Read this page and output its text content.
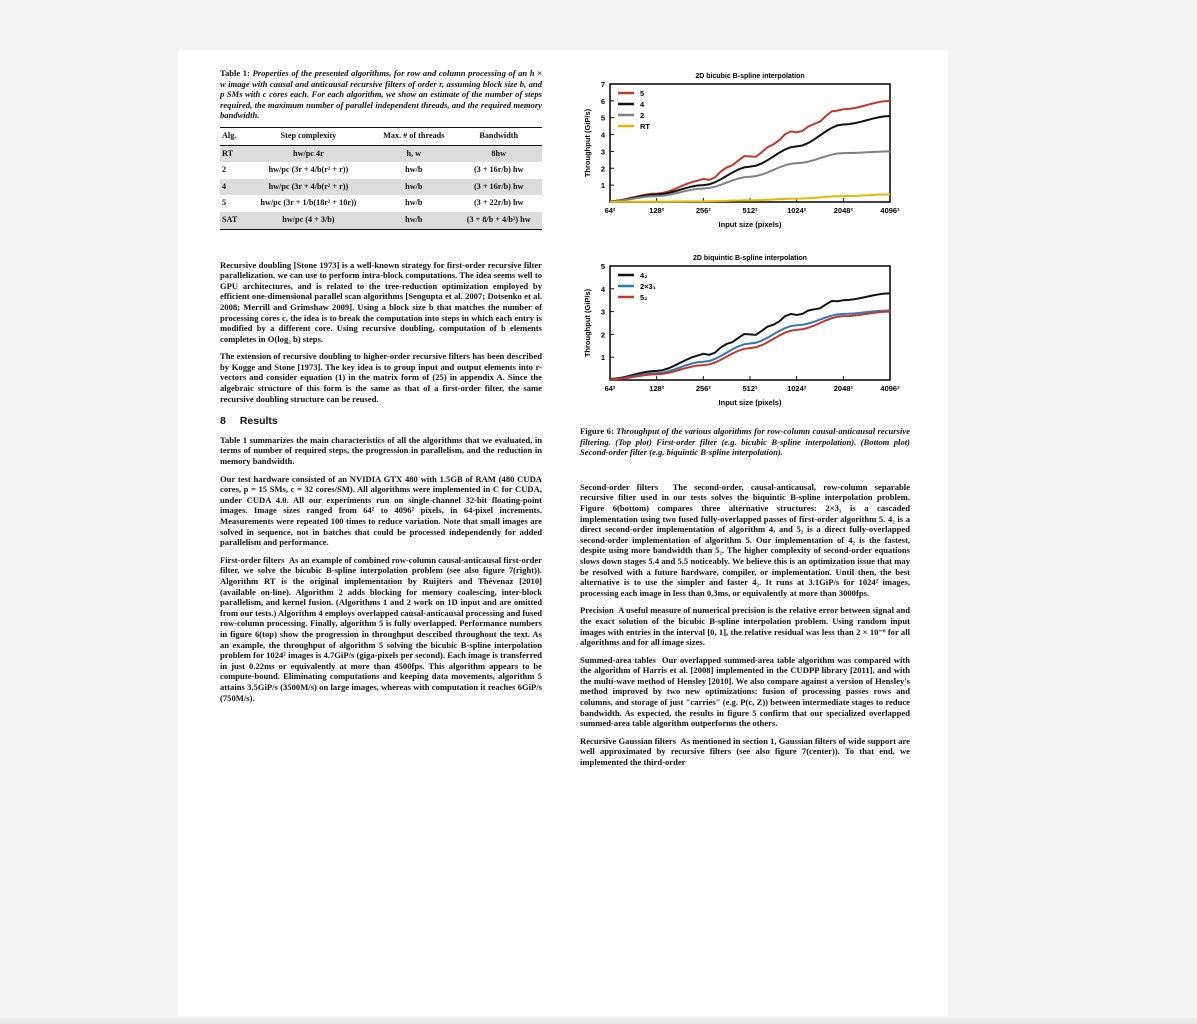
Table 1: Properties of the presented algorithms, for row and column processing of an h × w image with causal and anticausal recursive filters of order r, assuming block size b, and p SMs with c cores each. For each algorithm, we show an estimate of the number of steps required, the maximum number of parallel independent threads, and the required memory bandwidth.

Alg.	Step complexity	Max. # of threads	Bandwidth
RT	hw/pc 4r	h, w	8hw
2	hw/pc (3r + 4/b(r² + r))	hw/b	(3 + 16r/b) hw
4	hw/pc (3r + 4/b(r² + r))	hw/b	(3 + 16r/b) hw
5	hw/pc (3r + 1/b(18r² + 10r))	hw/b	(3 + 22r/b) hw
SAT	hw/pc (4 + 3/b)	hw/b	(3 + 8/b + 4/b²) hw

Recursive doubling [Stone 1973] is a well-known strategy for first-order recursive filter parallelization. we can use to perform intra-block computations. The idea seems well to GPU architectures, and is related to the tree-reduction optimization employed by efficient one-dimensional parallel scan algorithms [Sengupta et al. 2007; Dotsenko et al. 2008; Merrill and Grimshaw 2009]. Using a block size b that matches the number of processing cores c, the idea is to break the computation into steps in which each entry is modified by a different core. Using recursive doubling, computation of b elements completes in O(log₂ b) steps.

The extension of recursive doubling to higher-order recursive filters has been described by Kogge and Stone [1973]. The key idea is to group input and output elements into r-vectors and consider equation (1) in the matrix form of (25) in appendix A. Since the algebraic structure of this form is the same as that of a first-order filter, the same recursive doubling structure can be reused.

8 Results

Table 1 summarizes the main characteristics of all the algorithms that we evaluated, in terms of number of required steps, the progression in parallelism, and the reduction in memory bandwidth.

Our test hardware consisted of an NVIDIA GTX 480 with 1.5GB of RAM (480 CUDA cores, p = 15 SMs, c = 32 cores/SM). All algorithms were implemented in C for CUDA, under CUDA 4.0. All our experiments run on single-channel 32-bit floating-point images. Image sizes ranged from 64² to 4096² pixels, in 64-pixel increments. Measurements were repeated 100 times to reduce variation. Note that small images are solved in sequence, not in batches that could be processed independently for added parallelism and performance.

First-order filters As an example of combined row-column causal-anticausal first-order filter, we solve the bicubic B-spline interpolation problem (see also figure 7(right)). Algorithm RT is the original implementation by Ruijters and Thévenaz [2010] (available on-line). Algorithm 2 adds blocking for memory coalescing, inter-block parallelism, and kernel fusion. (Algorithms 1 and 2 work on 1D input and are omitted from our tests.) Algorithm 4 employs overlapped causal-anticausal processing and fused row-column processing. Finally, algorithm 5 is fully overlapped. Performance numbers in figure 6(top) show the progression in throughput described throughout the text. As an example, the throughput of algorithm 5 solving the bicubic B-spline interpolation problem for 1024² images is 4.7GiP/s (giga-pixels per second). Each image is transferred in just 0.22ms or equivalently at more than 4500fps. This algorithm appears to be compute-bound. Eliminating computations and keeping data movements, algorithm 5 attains 3.5GiP/s (3500M/s) on large images, whereas with computation it reaches 6GiP/s (750M/s).

2D bicubic B-spline interpolation
1
2
3
4
5
6
7
64²	128²	256²	512²	1024²	2048²	4096²
Input size (pixels)
Throughput (GiP/s)
5
4
2
RT
2D biquintic B-spline interpolation
1
2
3
4
5
64²	128²	256²	512²	1024²	2048²	4096²
Input size (pixels)
Throughput (GiP/s)
4₂
2×3₁
5₂

Figure 6: Throughput of the various algorithms for row-column causal-anticausal recursive filtering. (Top plot) First-order filter (e.g. bicubic B-spline interpolation). (Bottom plot) Second-order filter (e.g. biquintic B-spline interpolation).

Second-order filters The second-order, causal-anticausal, row-column separable recursive filter used in our tests solves the biquintic B-spline interpolation problem. Figure 6(bottom) compares three alternative structures: 2×3₁ is a cascaded implementation using two fused fully-overlapped passes of first-order algorithm 5. 4₂ is a direct second-order implementation of algorithm 4, and 5₂ is a direct fully-overlapped second-order implementation of algorithm 5. Our implementation of 4₂ is the fastest, despite using more bandwidth than 5₂. The higher complexity of second-order equations slows down stages 5.4 and 5.5 noticeably. We believe this is an optimization issue that may be resolved with a future hardware, compiler, or implementation. Until then, the best alternative is to use the simpler and faster 4₂. It runs at 3.1GiP/s for 1024² images, processing each image in less than 0.3ms, or equivalently at more than 3000fps.

Precision A useful measure of numerical precision is the relative error between signal and the exact solution of the bicubic B-spline interpolation problem. Using random input images with entries in the interval [0, 1], the relative residual was less than 2 × 10⁻⁶ for all algorithms and for all image sizes.

Summed-area tables Our overlapped summed-area table algorithm was compared with the algorithm of Harris et al. [2008] implemented in the CUDPP library [2011], and with the multi-wave method of Hensley [2010]. We also compare against a version of Hensley's method improved by two new optimizations: fusion of processing passes rows and columns, and storage of just "carries" (e.g. P(c, Z)) between intermediate stages to reduce bandwidth. As expected, the results in figure 5 confirm that our specialized overlapped summed-area table algorithm outperforms the others.

Recursive Gaussian filters As mentioned in section 1, Gaussian filters of wide support are well approximated by recursive filters (see also figure 7(center)). To that end, we implemented the third-order
